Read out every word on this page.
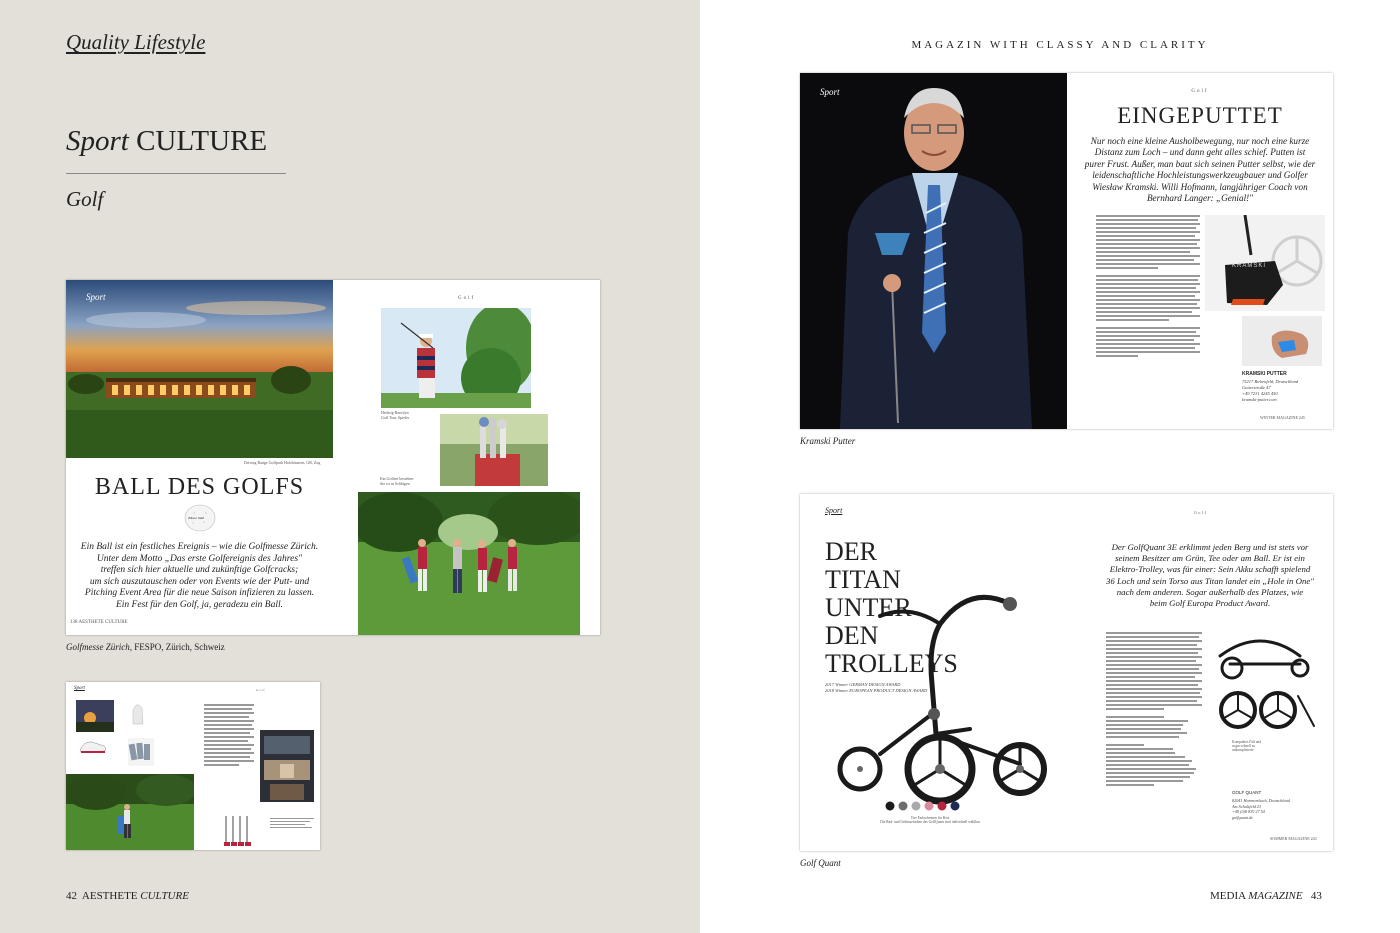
Quality Lifestyle
Sport CULTURE
Golf
Driving Range Golfpark Holzhäusern, GR, Zug
Sport
BALL DES GOLFS
Wilson Staff
Ein Ball ist ein festliches Ereignis – wie die Golfmesse Zürich.
Unter dem Motto „Das erste Golfereignis des Jahres"
treffen sich hier aktuelle und zukünftige Golfcracks;
um sich auszutauschen oder von Events wie der Putt- und
Pitching Event Area für die neue Saison infizieren zu lassen.
Ein Fest für den Golf, ja, geradezu ein Ball.
138 AESTHETE CULTURE
Golf
Hedwig Bartolyn
Golf Tour Spieler
Ein Golfset bestehen
Sie ist in Schlägen
Golfmesse Zürich, FESPO, Zürich, Schweiz
Sport	Golf
42 AESTHETE CULTURE
MAGAZIN WITH CLASSY AND CLARITY
Sport	Golf
EINGEPUTTET
Nur noch eine kleine Ausholbewegung, nur noch eine kurze
Distanz zum Loch – und dann geht alles schief. Putten ist
purer Frust. Außer, man baut sich seinen Putter selbst, wie der
leidenschaftliche Hochleistungswerkzeugbauer und Golfer
Wiesław Kramski. Willi Hofmann, langjähriger Coach von
Bernhard Langer: „Genial!"
KRAMSKI
KRAMSKI PUTTER
75217 Birkenfeld, Deutschland
Gutterstraße 47
+49 7231 4245 450
kramski-putter.com
WINTER MAGAZINE 245
Kramski Putter
Sport	Golf
DER
TITAN
UNTER
DEN
TROLLEYS
2017 Winner GERMAN DESIGN AWARD
2018 Winner EUROPEAN PRODUCT DESIGN AWARD
Vier Farbschemen für Rost
Die Rad- und Gehäusefarben des GolfQuant sind individuell wählbar
Der GolfQuant 3E erklimmt jeden Berg und ist stets vor
seinem Besitzer am Grün, Tee oder am Ball. Er ist ein
Elektro-Trolley, was für einer: Sein Akku schafft spielend
36 Loch und sein Torso aus Titan landet ein „Hole in One"
nach dem anderen. Sogar außerhalb des Platzes, wie
beim Golf Europa Product Award.
Kompaktes Falt und
sogar schnell zu
unkomplizierte
GOLF QUANT
82041 Hemmenbach, Deutschland
Am Schulzfeld 23
+49 (0)8 839 27 54
golfquant.de
SOMMER MAGAZINE 243
Golf Quant
MEDIA MAGAZINE 43
